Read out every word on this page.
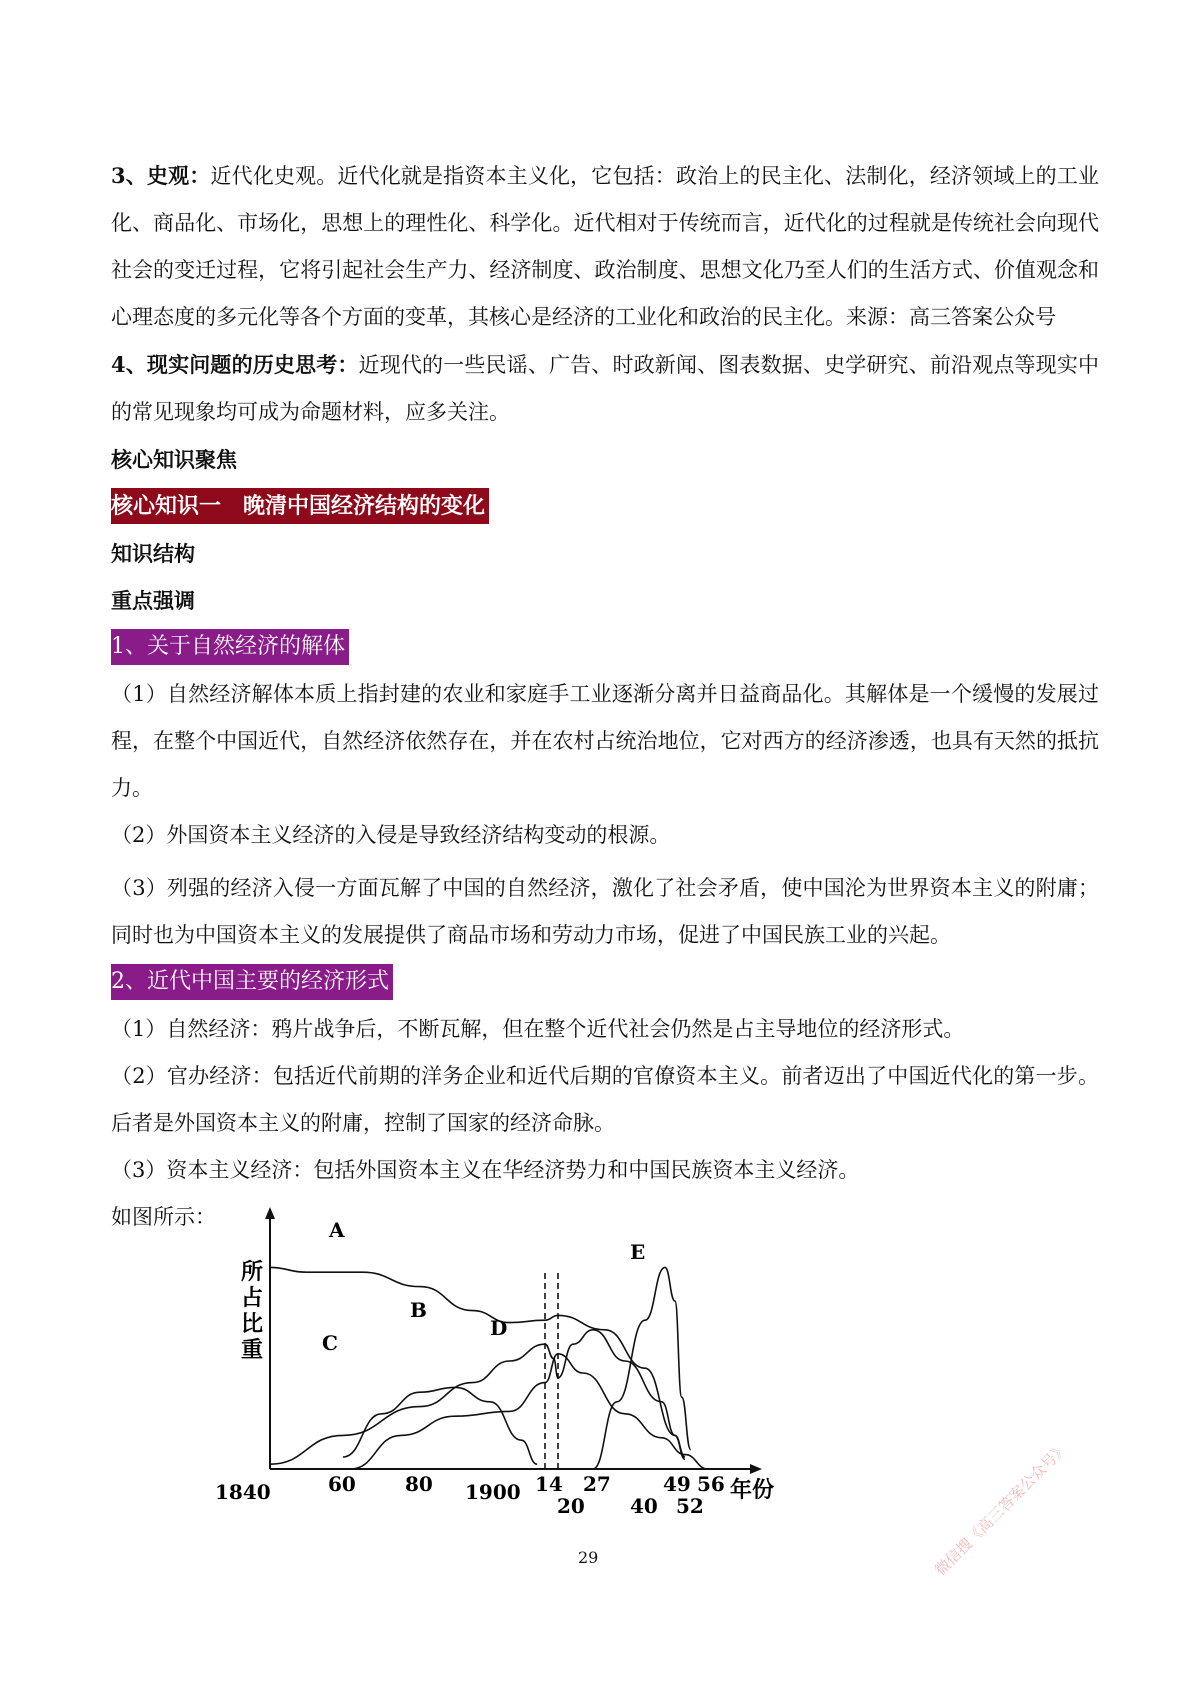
3、史观：近代化史观。近代化就是指资本主义化，它包括：政治上的民主化、法制化，经济领域上的工业化、商品化、市场化，思想上的理性化、科学化。近代相对于传统而言，近代化的过程就是传统社会向现代社会的变迁过程，它将引起社会生产力、经济制度、政治制度、思想文化乃至人们的生活方式、价值观念和心理态度的多元化等各个方面的变革，其核心是经济的工业化和政治的民主化。来源：高三答案公众号

4、现实问题的历史思考：近现代的一些民谣、广告、时政新闻、图表数据、史学研究、前沿观点等现实中的常见现象均可成为命题材料，应多关注。

核心知识聚焦
核心知识一　晚清中国经济结构的变化
知识结构
重点强调
1、关于自然经济的解体

（1）自然经济解体本质上指封建的农业和家庭手工业逐渐分离并日益商品化。其解体是一个缓慢的发展过程，在整个中国近代，自然经济依然存在，并在农村占统治地位，它对西方的经济渗透，也具有天然的抵抗力。

（2）外国资本主义经济的入侵是导致经济结构变动的根源。

（3）列强的经济入侵一方面瓦解了中国的自然经济，激化了社会矛盾，使中国沦为世界资本主义的附庸；同时也为中国资本主义的发展提供了商品市场和劳动力市场，促进了中国民族工业的兴起。

2、近代中国主要的经济形式

（1）自然经济：鸦片战争后，不断瓦解，但在整个近代社会仍然是占主导地位的经济形式。

（2）官办经济：包括近代前期的洋务企业和近代后期的官僚资本主义。前者迈出了中国近代化的第一步。后者是外国资本主义的附庸，控制了国家的经济命脉。

（3）资本主义经济：包括外国资本主义在华经济势力和中国民族资本主义经济。

如图所示：

所占比重
年份
1840	60 80 1900 14
20
27
40
49
52
56
A
B
C
D
E
29	微信搜《高三答案公众号》
